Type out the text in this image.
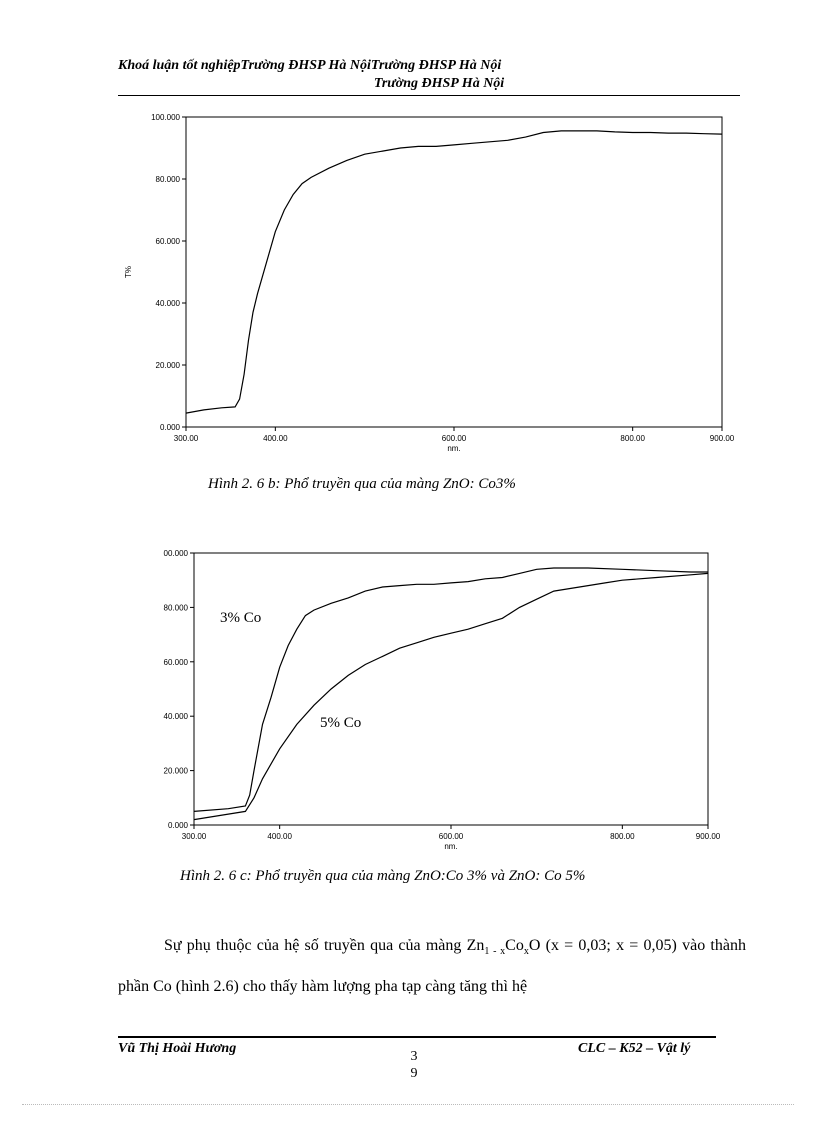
Khoá luận tốt nghiệpTrường ĐHSP Hà NộiTrường ĐHSP Hà Nội
Trường ĐHSP Hà Nội
300.00	400.00	600.00	800.00	900.00
0.000
20.000
40.000
60.000
80.000
100.000
nm.
T%
Hình 2. 6 b: Phổ truyền qua của màng ZnO: Co3%
300.00	400.00	600.00	800.00	900.00
0.000
20.000
40.000
60.000
80.000
00.000
nm.
3% Co
5% Co
Hình 2. 6 c: Phổ truyền qua của màng ZnO:Co 3% và ZnO: Co 5%
Sự phụ thuộc của hệ số truyền qua của màng $Zn_{1 - x}Co_xO$ (x = 0,03; x = 0,05) vào thành phần Co (hình 2.6) cho thấy hàm lượng pha tạp càng tăng thì hệ
Vũ Thị Hoài Hương	CLC – K52 – Vật lý
3
9
